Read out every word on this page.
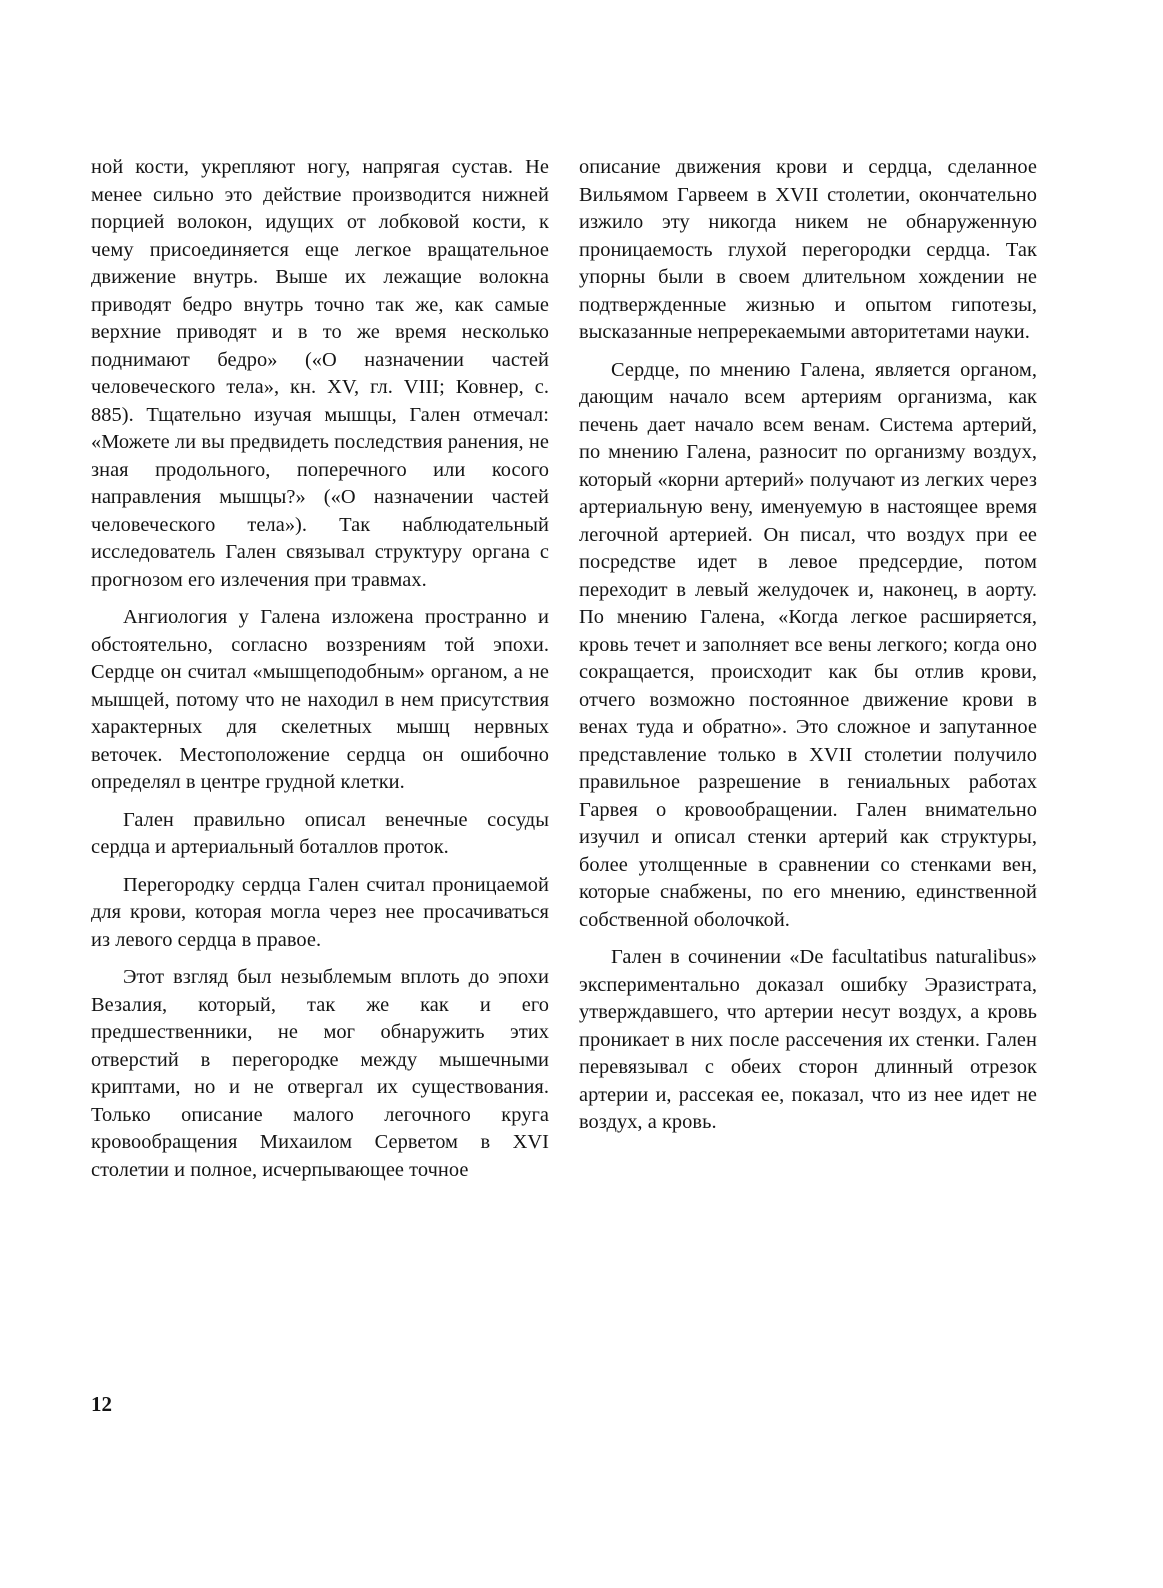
ной кости, укрепляют ногу, напрягая сустав. Не менее сильно это действие производится нижней порцией волокон, идущих от лобковой кости, к чему присоединяется еще легкое вращательное движение внутрь. Выше их лежащие волокна приводят бедро внутрь точно так же, как самые верхние приводят и в то же время несколько поднимают бедро» («О назначении частей человеческого тела», кн. XV, гл. VIII; Ковнер, с. 885). Тщательно изучая мышцы, Гален отмечал: «Можете ли вы предвидеть последствия ранения, не зная продольного, поперечного или косого направления мышцы?» («О назначении частей человеческого тела»). Так наблюдательный исследователь Гален связывал структуру органа с прогнозом его излечения при травмах.

Ангиология у Галена изложена пространно и обстоятельно, согласно воззрениям той эпохи. Сердце он считал «мышцеподобным» органом, а не мышцей, потому что не находил в нем присутствия характерных для скелетных мышц нервных веточек. Местоположение сердца он ошибочно определял в центре грудной клетки.

Гален правильно описал венечные сосуды сердца и артериальный боталлов проток.

Перегородку сердца Гален считал проницаемой для крови, которая могла через нее просачиваться из левого сердца в правое.

Этот взгляд был незыблемым вплоть до эпохи Везалия, который, так же как и его предшественники, не мог обнаружить этих отверстий в перегородке между мышечными криптами, но и не отвергал их существования. Только описание малого легочного круга кровообращения Михаилом Серветом в XVI столетии и полное, исчерпывающее точное

описание движения крови и сердца, сделанное Вильямом Гарвеем в XVII столетии, окончательно изжило эту никогда никем не обнаруженную проницаемость глухой перегородки сердца. Так упорны были в своем длительном хождении не подтвержденные жизнью и опытом гипотезы, высказанные непререкаемыми авторитетами науки.

Сердце, по мнению Галена, является органом, дающим начало всем артериям организма, как печень дает начало всем венам. Система артерий, по мнению Галена, разносит по организму воздух, который «корни артерий» получают из легких через артериальную вену, именуемую в настоящее время легочной артерией. Он писал, что воздух при ее посредстве идет в левое предсердие, потом переходит в левый желудочек и, наконец, в аорту. По мнению Галена, «Когда легкое расширяется, кровь течет и заполняет все вены легкого; когда оно сокращается, происходит как бы отлив крови, отчего возможно постоянное движение крови в венах туда и обратно». Это сложное и запутанное представление только в XVII столетии получило правильное разрешение в гениальных работах Гарвея о кровообращении. Гален внимательно изучил и описал стенки артерий как структуры, более утолщенные в сравнении со стенками вен, которые снабжены, по его мнению, единственной собственной оболочкой.

Гален в сочинении «De facultatibus naturalibus» экспериментально доказал ошибку Эразистрата, утверждавшего, что артерии несут воздух, а кровь проникает в них после рассечения их стенки. Гален перевязывал с обеих сторон длинный отрезок артерии и, рассекая ее, показал, что из нее идет не воздух, а кровь.

12
